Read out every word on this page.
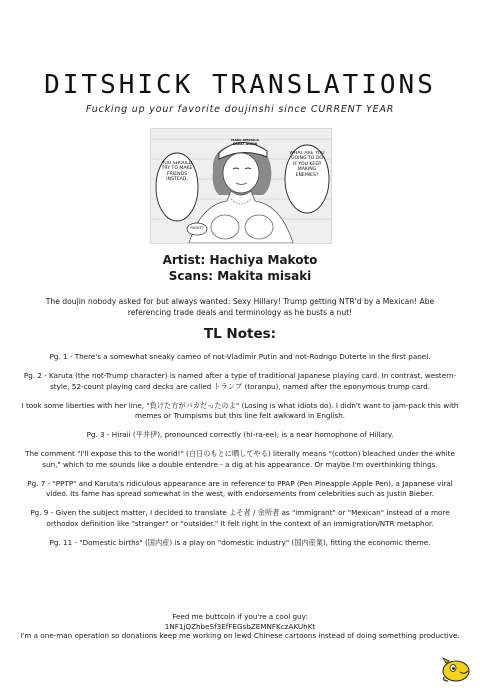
DITSHICK TRANSLATIONS
Fucking up your favorite doujinshi since CURRENT YEAR
YOU SHOULD TRY TO MAKE FRIENDS INSTEAD,
RIGHT?
WHAT ARE YOU GOING TO DO IF YOU KEEP MAKING ENEMIES?
MAKE AMERICA GREAT AGAIN
Artist: Hachiya Makoto
Scans: Makita misaki
The doujin nobody asked for but always wanted: Sexy Hillary! Trump getting NTR'd by a Mexican! Abe referencing trade deals and terminology as he busts a nut!
TL Notes:

Pg. 1 - There's a somewhat sneaky cameo of not-Vladimir Putin and not-Rodrigo Duterte in the first panel.

Pg. 2 - Karuta (the not-Trump character) is named after a type of traditional Japanese playing card. In contrast, western-style, 52-count playing card decks are called トランプ (toranpu), named after the eponymous trump card.

I took some liberties with her line, "負けた方がバカだったのよ" (Losing is what idiots do). I didn't want to jam-pack this with memes or Trumpisms but this line felt awkward in English.

Pg. 3 - Hiraii (平井伊), pronounced correctly (hi-ra-ee), is a near homophone of Hillary.

The comment "I'll expose this to the world!" (白日のもとに晒してやる) literally means "(cotton) bleached under the white sun," which to me sounds like a double entendre - a dig at his appearance. Or maybe I'm overthinking things.

Pg. 7 - "PPTP" and Karuta's ridiculous appearance are in reference to PPAP (Pen Pineapple Apple Pen), a Japanese viral video. Its fame has spread somewhat in the west, with endorsements from celebrities such as Justin Bieber.

Pg. 9 - Given the subject matter, I decided to translate よそ者 / 余所者 as "immigrant" or "Mexican" instead of a more orthodox definition like "stranger" or "outsider." It felt right in the context of an immigration/NTR metaphor.

Pg. 11 - "Domestic births" (国内産) is a play on "domestic industry" (国内産業), fitting the economic theme.

Feed me buttcoin if you're a cool guy:
1NF1jQZhbeSf3EfFEGsbZEMNFKczAKUhKt
I'm a one-man operation so donations keep me working on lewd Chinese cartoons instead of doing something productive.
